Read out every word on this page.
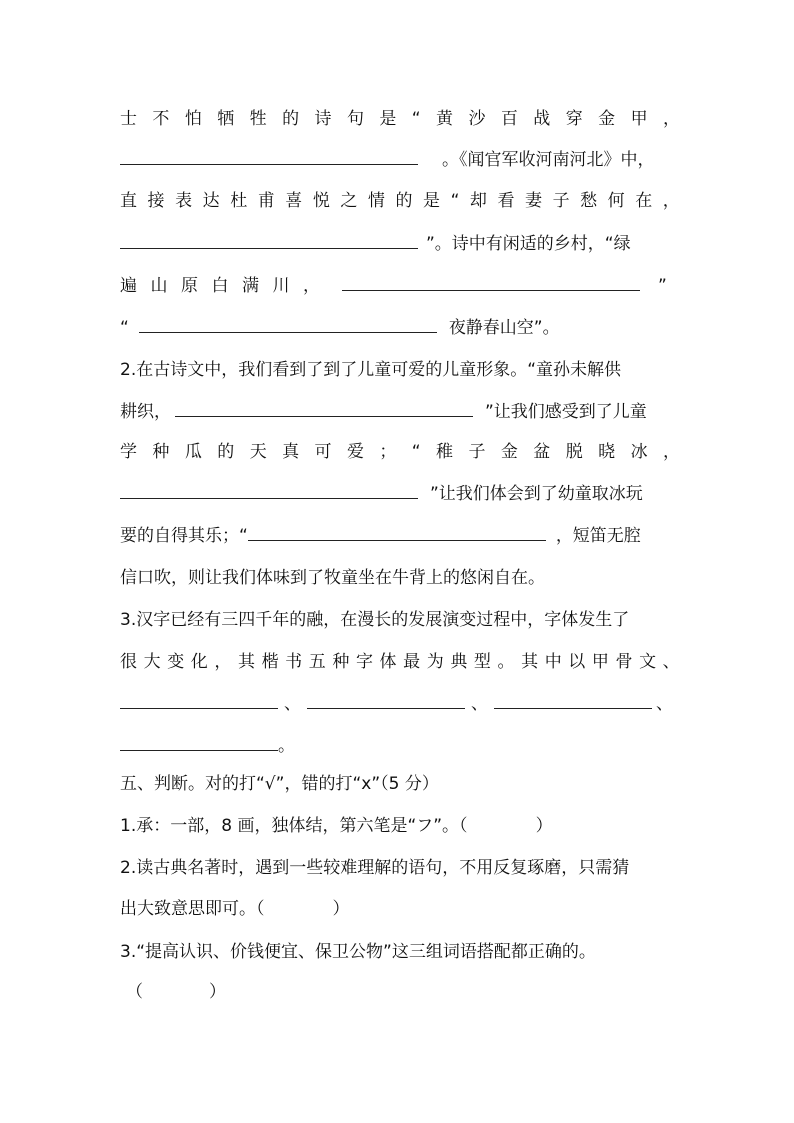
士 不 怕 牺 牲 的 诗 句 是 “ 黄 沙 百 战 穿 金 甲 ，
。《闻官军收河南河北》中，
直 接 表 达 杜 甫 喜 悦 之 情 的 是 “ 却 看 妻 子 愁 何 在 ，
”。诗中有闲适的乡村，“绿
遍 山 原 白 满 川 ，	”
“	夜静春山空”。
2.在古诗文中，我们看到了到了儿童可爱的儿童形象。“童孙未解供
耕织，	”让我们感受到了儿童
学 种 瓜 的 天 真 可 爱 ； “ 稚 子 金 盆 脱 晓 冰 ，
”让我们体会到了幼童取冰玩
要的自得其乐；“	，短笛无腔
信口吹，则让我们体味到了牧童坐在牛背上的悠闲自在。
3.汉字已经有三四千年的融，在漫长的发展演变过程中，字体发生了
很 大 变 化 ， 其 楷 书 五 种 字 体 最 为 典 型 。 其 中 以 甲 骨 文 、
、	、	、
。
五、判断。对的打“√”，错的打“x”（5 分）
1.承：一部，8 画，独体结，第六笔是“フ”。（	）
2.读古典名著时，遇到一些较难理解的语句，不用反复琢磨，只需猜
出大致意思即可。（	）
3.“提高认识、价钱便宜、保卫公物”这三组词语搭配都正确的。
（	）
